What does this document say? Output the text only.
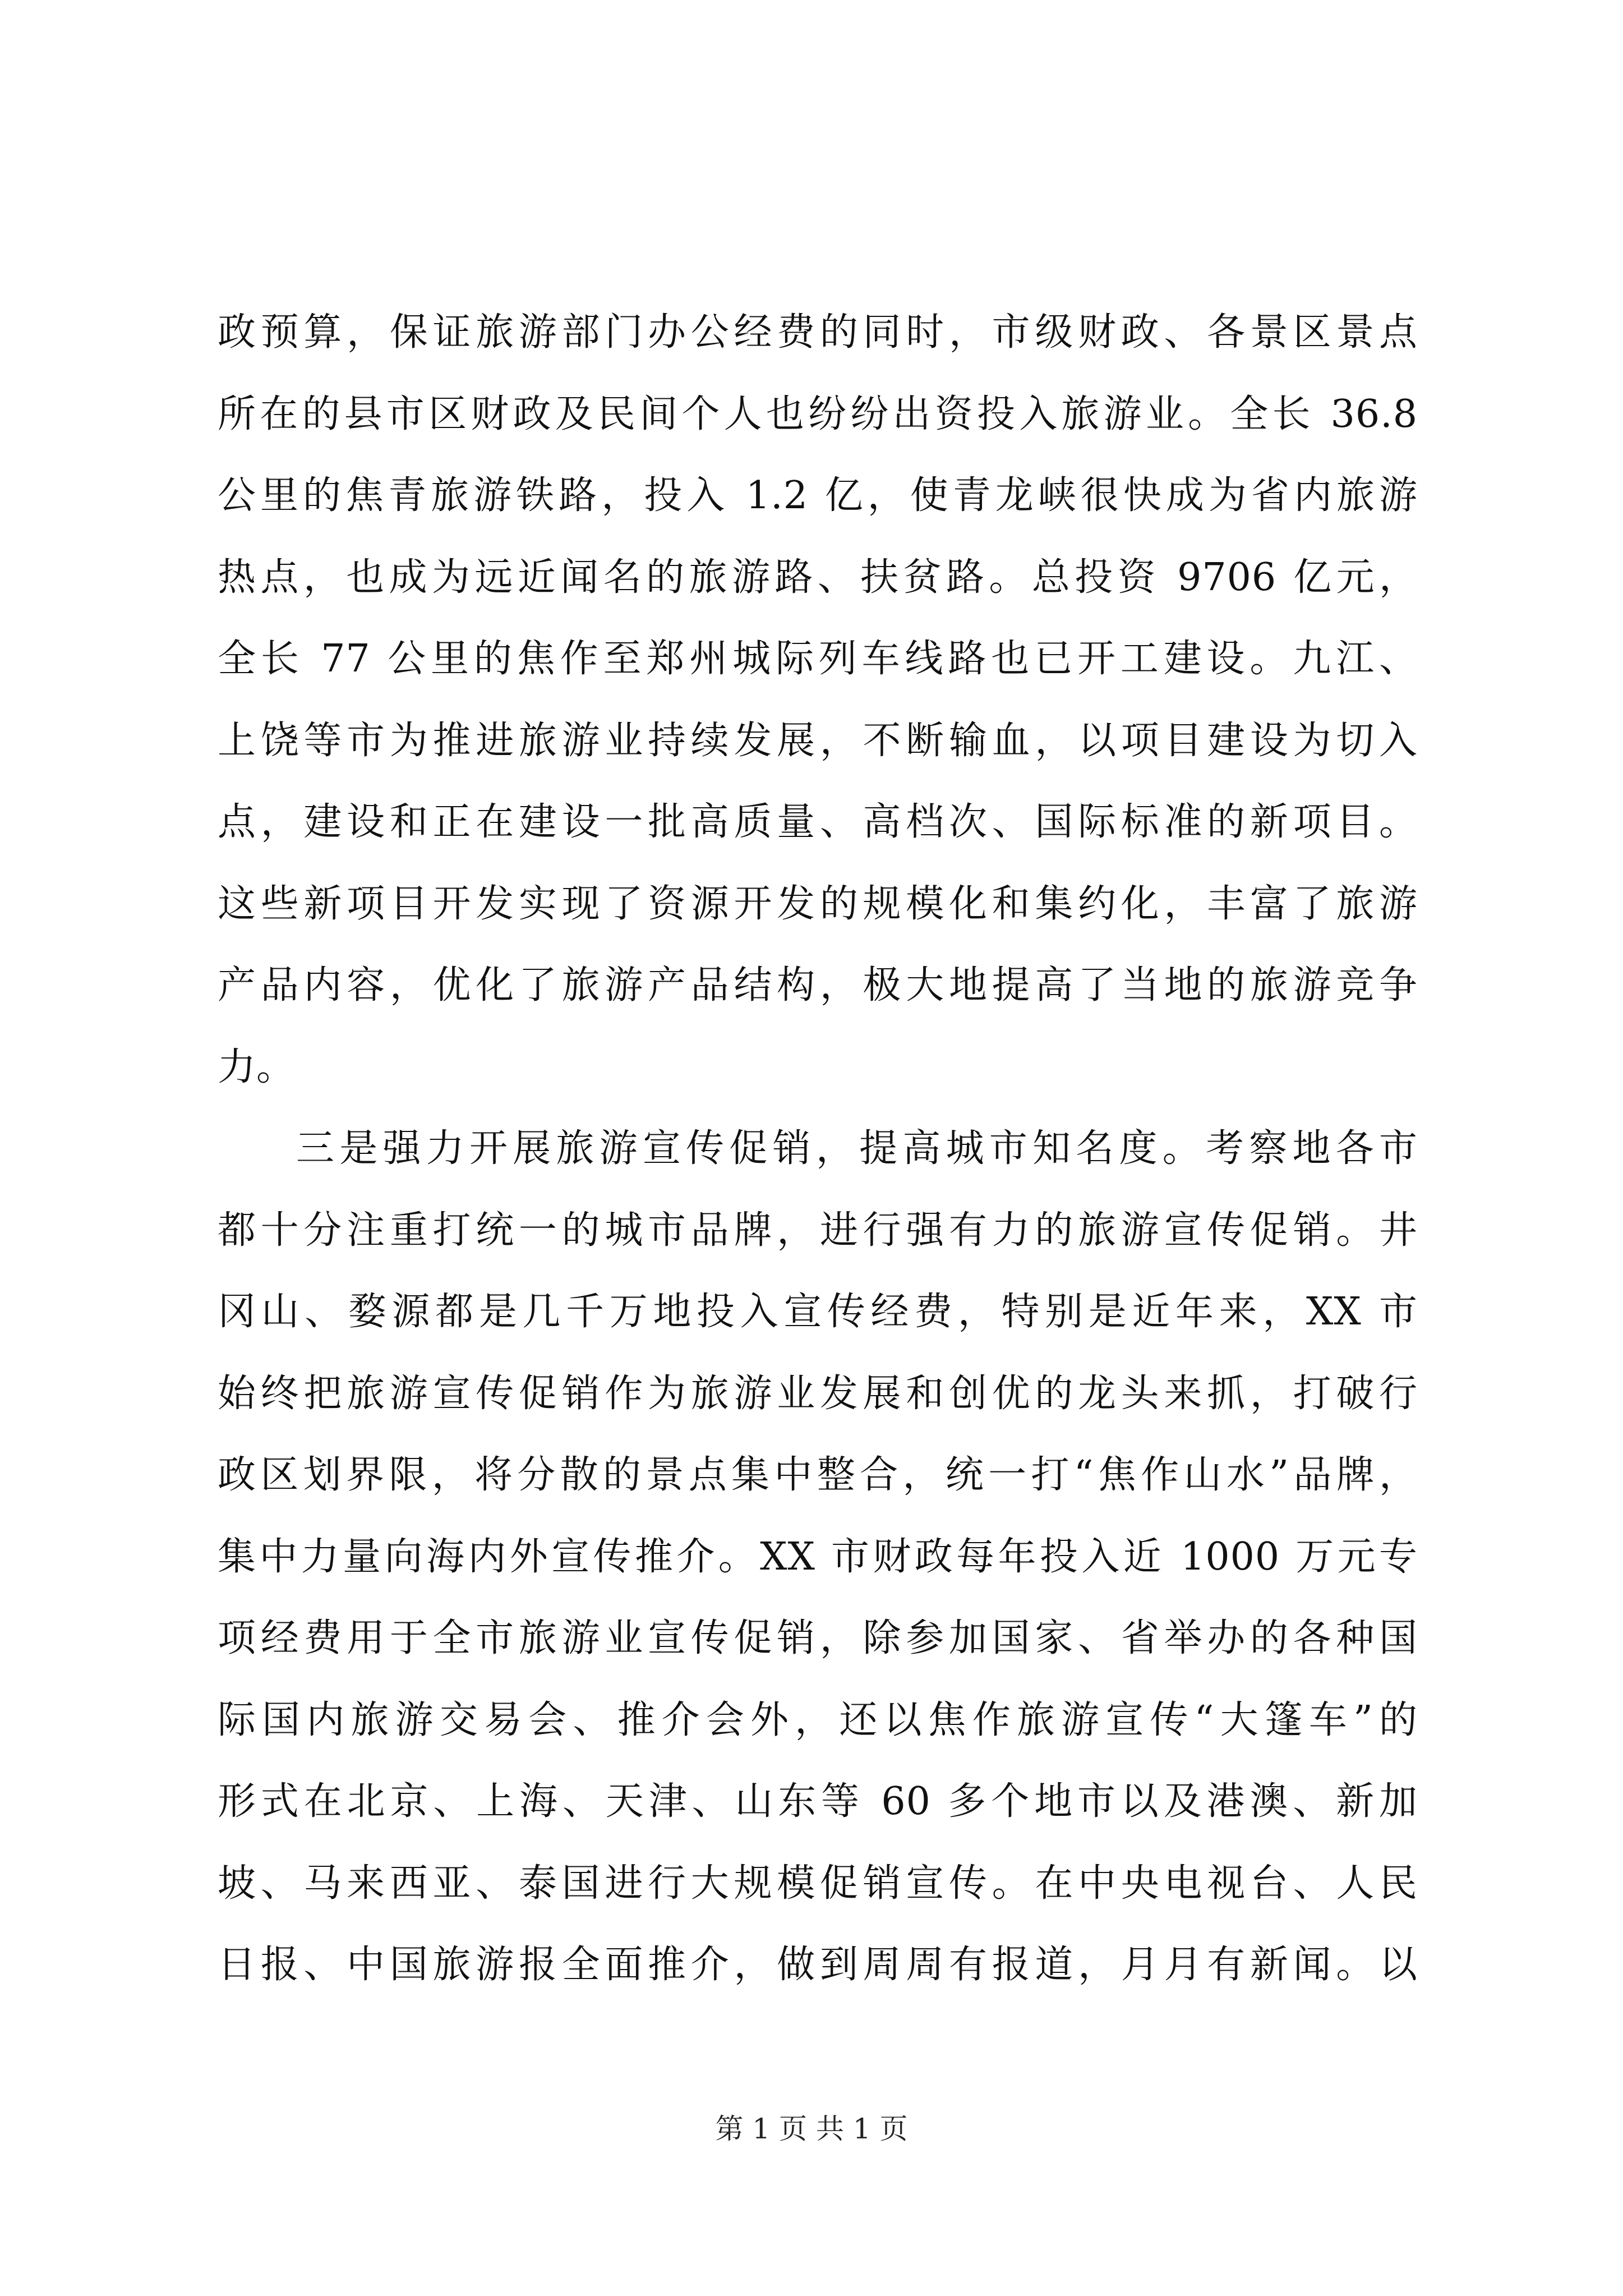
政预算，保证旅游部门办公经费的同时，市级财政、各景区景点
所在的县市区财政及民间个人也纷纷出资投入旅游业。全长 36.8
公里的焦青旅游铁路，投入 1.2 亿，使青龙峡很快成为省内旅游
热点，也成为远近闻名的旅游路、扶贫路。总投资 9706 亿元，
全长 77 公里的焦作至郑州城际列车线路也已开工建设。九江、
上饶等市为推进旅游业持续发展，不断输血，以项目建设为切入
点，建设和正在建设一批高质量、高档次、国际标准的新项目。
这些新项目开发实现了资源开发的规模化和集约化，丰富了旅游
产品内容，优化了旅游产品结构，极大地提高了当地的旅游竞争
力。
三是强力开展旅游宣传促销，提高城市知名度。考察地各市
都十分注重打统一的城市品牌，进行强有力的旅游宣传促销。井
冈山、婺源都是几千万地投入宣传经费，特别是近年来，XX 市
始终把旅游宣传促销作为旅游业发展和创优的龙头来抓，打破行
政区划界限，将分散的景点集中整合，统一打“焦作山水”品牌，
集中力量向海内外宣传推介。XX 市财政每年投入近 1000 万元专
项经费用于全市旅游业宣传促销，除参加国家、省举办的各种国
际国内旅游交易会、推介会外，还以焦作旅游宣传“大篷车”的
形式在北京、上海、天津、山东等 60 多个地市以及港澳、新加
坡、马来西亚、泰国进行大规模促销宣传。在中央电视台、人民
日报、中国旅游报全面推介，做到周周有报道，月月有新闻。以
第 1 页 共 1 页
